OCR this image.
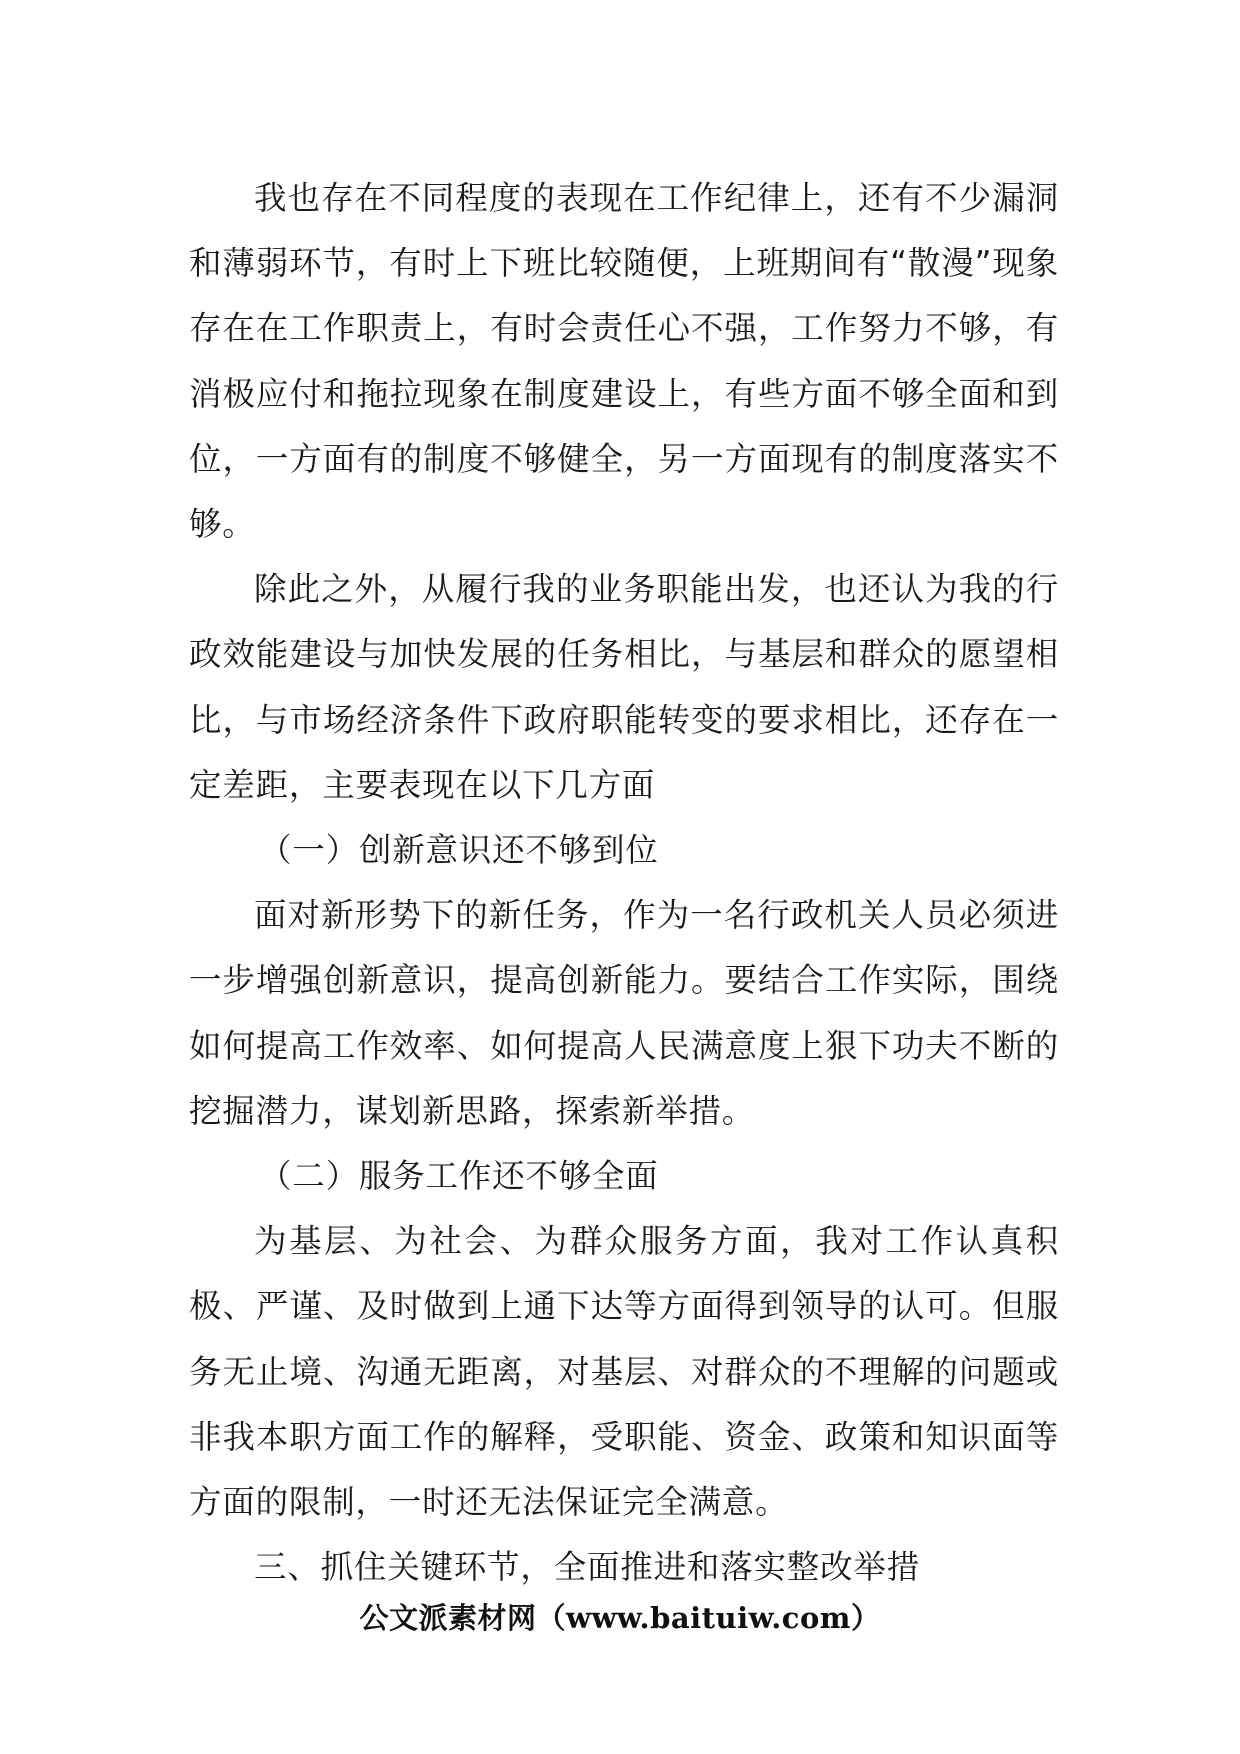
我也存在不同程度的表现在工作纪律上，还有不少漏洞和薄弱环节，有时上下班比较随便，上班期间有“散漫”现象存在在工作职责上，有时会责任心不强，工作努力不够，有消极应付和拖拉现象在制度建设上，有些方面不够全面和到位，一方面有的制度不够健全，另一方面现有的制度落实不够。

除此之外，从履行我的业务职能出发，也还认为我的行政效能建设与加快发展的任务相比，与基层和群众的愿望相比，与市场经济条件下政府职能转变的要求相比，还存在一定差距，主要表现在以下几方面

（一）创新意识还不够到位

面对新形势下的新任务，作为一名行政机关人员必须进一步增强创新意识，提高创新能力。要结合工作实际，围绕如何提高工作效率、如何提高人民满意度上狠下功夫不断的挖掘潜力，谋划新思路，探索新举措。

（二）服务工作还不够全面

为基层、为社会、为群众服务方面，我对工作认真积极、严谨、及时做到上通下达等方面得到领导的认可。但服务无止境、沟通无距离，对基层、对群众的不理解的问题或非我本职方面工作的解释，受职能、资金、政策和知识面等方面的限制，一时还无法保证完全满意。

三、抓住关键环节，全面推进和落实整改举措

公文派素材网（www.baituiw.com）
